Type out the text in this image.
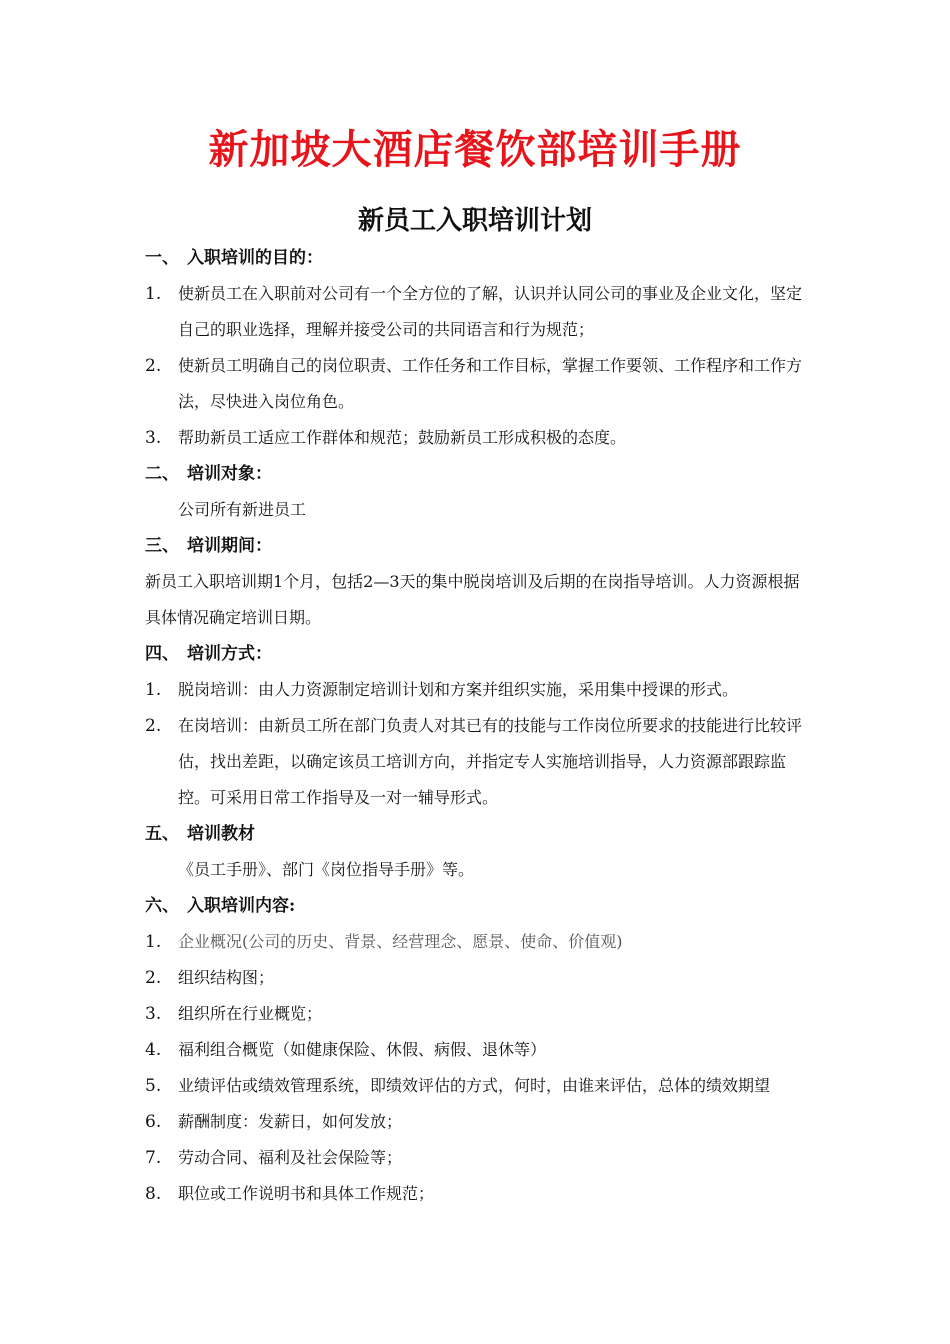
新加坡大酒店餐饮部培训手册
新员工入职培训计划
一、 入职培训的目的：
1.	使新员工在入职前对公司有一个全方位的了解，认识并认同公司的事业及企业文化，坚定自己的职业选择，理解并接受公司的共同语言和行为规范；
2.	使新员工明确自己的岗位职责、工作任务和工作目标，掌握工作要领、工作程序和工作方法，尽快进入岗位角色。
3.	帮助新员工适应工作群体和规范；鼓励新员工形成积极的态度。
二、 培训对象：

公司所有新进员工

三、 培训期间：

新员工入职培训期1个月，包括2—3天的集中脱岗培训及后期的在岗指导培训。人力资源根据具体情况确定培训日期。

四、 培训方式：
1.	脱岗培训：由人力资源制定培训计划和方案并组织实施，采用集中授课的形式。
2.	在岗培训：由新员工所在部门负责人对其已有的技能与工作岗位所要求的技能进行比较评估，找出差距，以确定该员工培训方向，并指定专人实施培训指导，人力资源部跟踪监控。可采用日常工作指导及一对一辅导形式。
五、 培训教材

《员工手册》、部门《岗位指导手册》等。

六、 入职培训内容:
1.	企业概况(公司的历史、背景、经营理念、愿景、使命、价值观)
2.	组织结构图；
3.	组织所在行业概览；
4.	福利组合概览（如健康保险、休假、病假、退休等）
5.	业绩评估或绩效管理系统，即绩效评估的方式，何时，由谁来评估，总体的绩效期望
6.	薪酬制度：发薪日，如何发放；
7.	劳动合同、福利及社会保险等；
8.	职位或工作说明书和具体工作规范；
